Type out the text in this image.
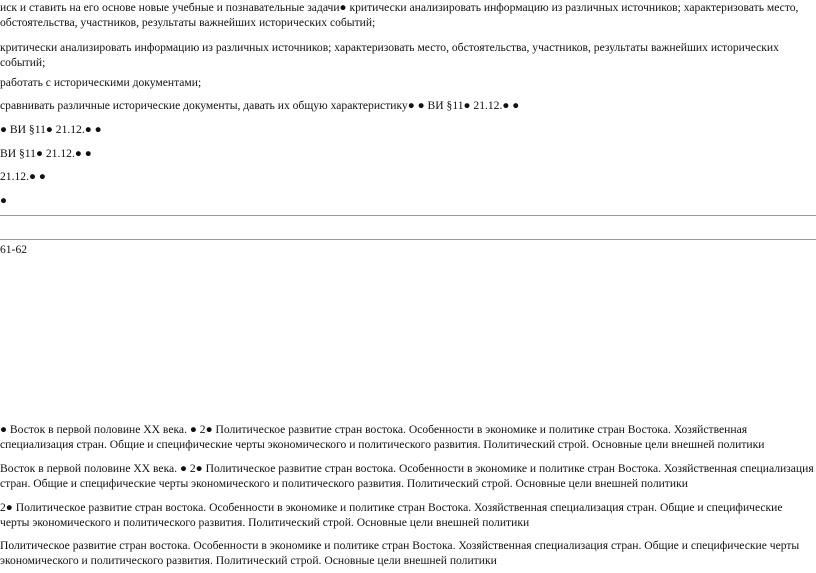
иск и ставить на его основе новые учебные и познавательные задачи● критически анализировать информацию из различных источников; характеризовать место, обстоятельства, участников, результаты важнейших исторических событий;
критически анализировать информацию из различных источников; характеризовать место, обстоятельства, участников, результаты важнейших исторических событий;
работать с историческими документами;
сравнивать различные исторические документы, давать их общую характеристику● ● ВИ §11● 21.12.● ●
● ВИ §11● 21.12.● ●
ВИ §11● 21.12.● ●
21.12.● ●
●
61-62
● Восток в первой половине XX века. ● 2● Политическое развитие стран востока. Особенности в экономике и политике стран Востока. Хозяйственная специализация стран. Общие и специфические черты экономического и политического развития. Политический строй. Основные цели внешней политики
Восток в первой половине XX века. ● 2● Политическое развитие стран востока. Особенности в экономике и политике стран Востока. Хозяйственная специализация стран. Общие и специфические черты экономического и политического развития. Политический строй. Основные цели внешней политики
2● Политическое развитие стран востока. Особенности в экономике и политике стран Востока. Хозяйственная специализация стран. Общие и специфические черты экономического и политического развития. Политический строй. Основные цели внешней политики
Политическое развитие стран востока. Особенности в экономике и политике стран Востока. Хозяйственная специализация стран. Общие и специфические черты экономического и политического развития. Политический строй. Основные цели внешней политики
